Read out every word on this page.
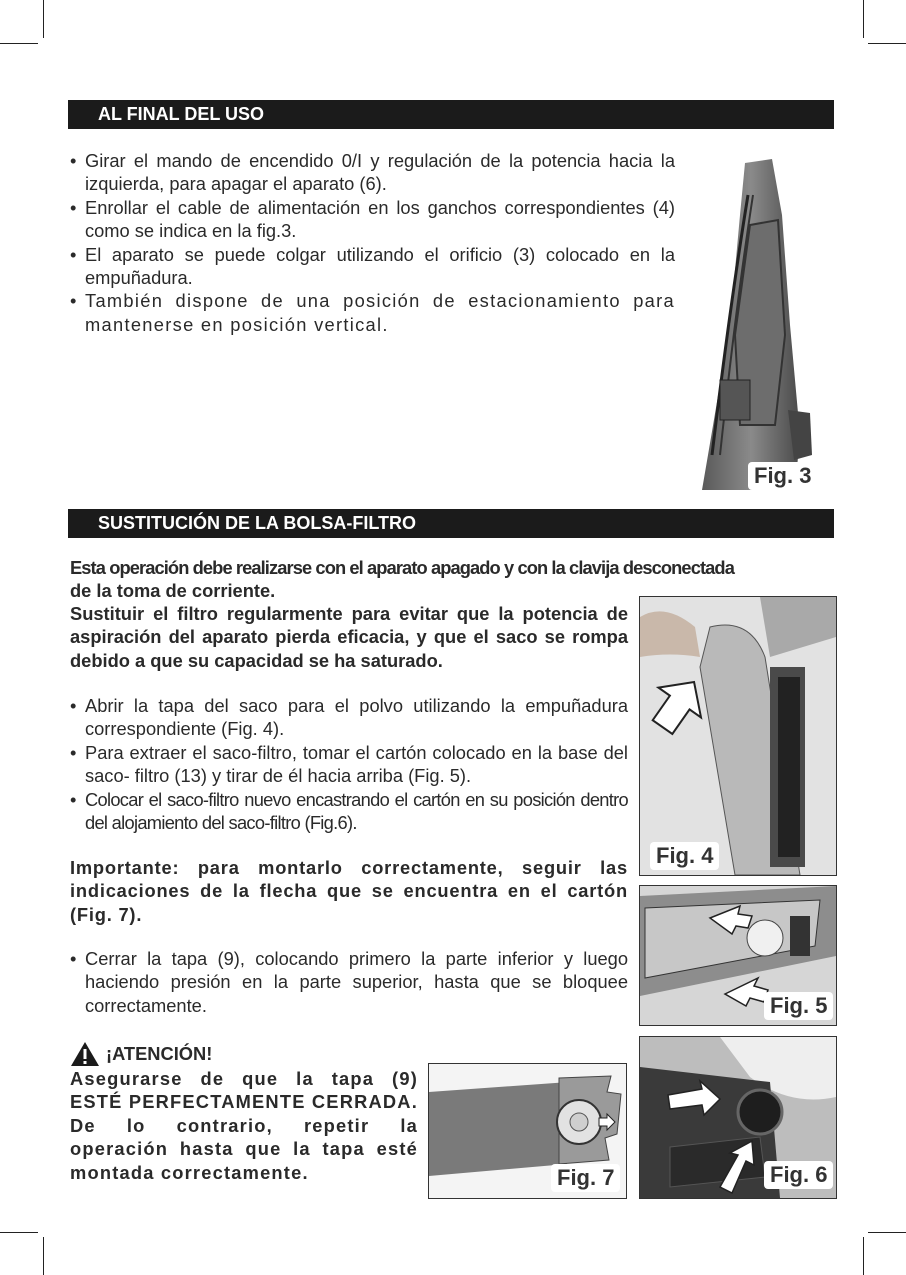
AL FINAL DEL USO
• Girar el mando de encendido 0/I y regulación de la potencia hacia la izquierda, para apagar el aparato (6).
• Enrollar el cable de alimentación en los ganchos correspondientes (4) como se indica en la fig.3.
• El aparato se puede colgar utilizando el orificio (3) colocado en la empuñadura.
• También dispone de una posición de estacionamiento para mantenerse en posición vertical.
Fig. 3
SUSTITUCIÓN DE LA BOLSA-FILTRO
Esta operación debe realizarse con el aparato apagado y con la clavija desconectada
de la toma de corriente.
Sustituir el filtro regularmente para evitar que la potencia de aspiración del aparato pierda eficacia, y que el saco se rompa debido a que su capacidad se ha saturado.
• Abrir la tapa del saco para el polvo utilizando la empuñadura correspondiente (Fig. 4).
• Para extraer el saco-filtro, tomar el cartón colocado en la base del saco- filtro (13) y tirar de él hacia arriba (Fig. 5).
• Colocar el saco-filtro nuevo encastrando el cartón en su posición dentro del alojamiento del saco-filtro (Fig.6).
Importante: para montarlo correctamente, seguir las indicaciones de la flecha que se encuentra en el cartón (Fig. 7).
• Cerrar la tapa (9), colocando primero la parte inferior y luego haciendo presión en la parte superior, hasta que se bloquee correctamente.
¡ATENCIÓN!
Asegurarse de que la tapa (9) ESTÉ PERFECTAMENTE CERRADA. De lo contrario, repetir la operación hasta que la tapa esté montada correctamente.
Fig. 4
Fig. 5
Fig. 6
Fig. 7
